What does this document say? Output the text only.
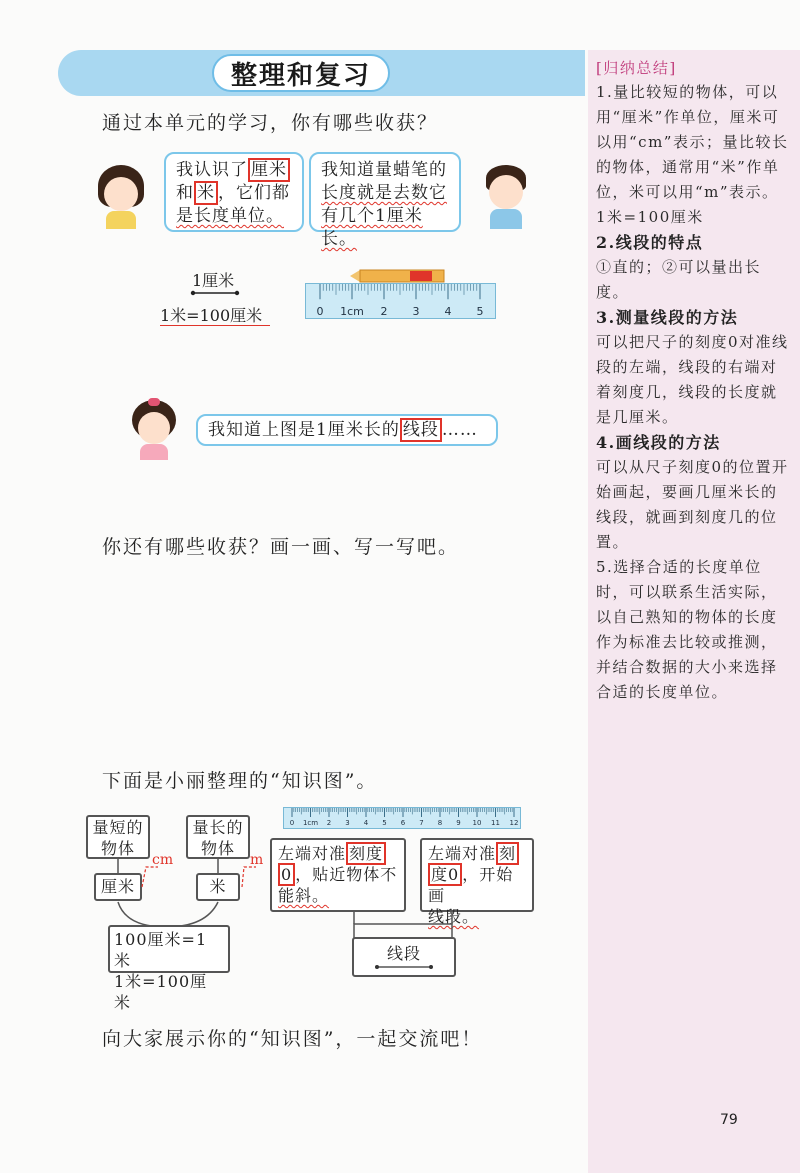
整理和复习
通过本单元的学习，你有哪些收获？
我认识了 厘米
和 米 ，它们都
是长度单位。
我知道量蜡笔的
长度就是去数它
有几个1厘米长。
1厘米
1米=100厘米	0 1cm 2 3 4 5
我知道上图是1厘米长的 线段 ……
你还有哪些收获？画一画、写一写吧。
下面是小丽整理的“知识图”。
量短的物体
量长的物体
cm	m
厘米	米
100厘米=1米
1米=100厘米
0 1cm 2 3 4 5 6 7 8 9 10 11 12
左端对准 刻度
0 ，贴近物体不
能斜。
左端对准 刻
度0 ，开始画
线段。
线段
向大家展示你的“知识图”，一起交流吧！
[归纳总结]
1.量比较短的物体，可以用“厘米”作单位，厘米可以用“cm”表示；量比较长的物体，通常用“米”作单位，米可以用“m”表示。
1米=100厘米
2.线段的特点
①直的；②可以量出长度。
3.测量线段的方法
可以把尺子的刻度0对准线段的左端，线段的右端对着刻度几，线段的长度就是几厘米。
4.画线段的方法
可以从尺子刻度0的位置开始画起，要画几厘米长的线段，就画到刻度几的位置。
5.选择合适的长度单位时，可以联系生活实际，以自己熟知的物体的长度作为标准去比较或推测，并结合数据的大小来选择合适的长度单位。
79
